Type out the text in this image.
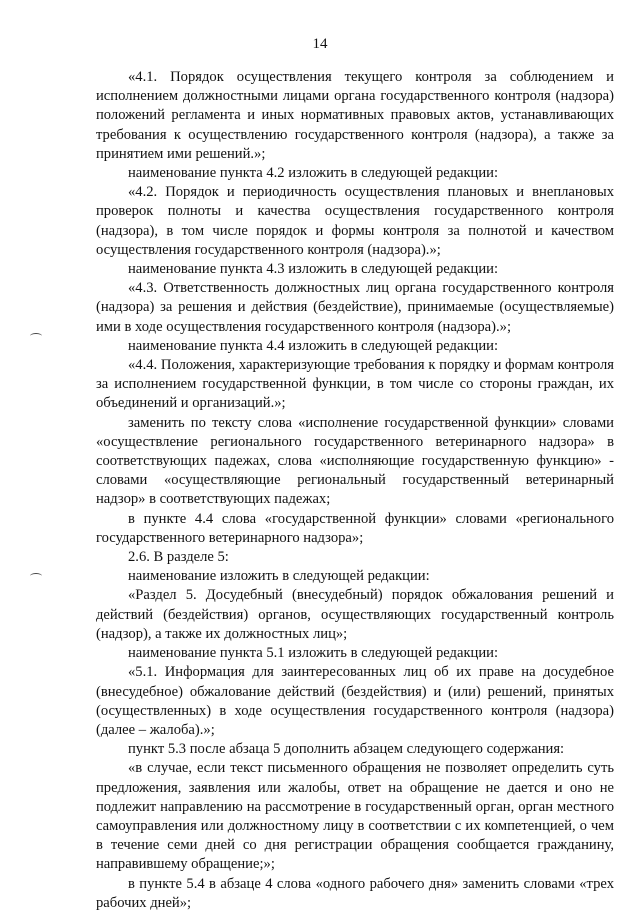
14

«4.1. Порядок осуществления текущего контроля за соблюдением и исполнением должностными лицами органа государственного контроля (надзора) положений регламента и иных нормативных правовых актов, устанавливающих требования к осуществлению государственного контроля (надзора), а также за принятием ими решений.»;

наименование пункта 4.2 изложить в следующей редакции:

«4.2. Порядок и периодичность осуществления плановых и внеплановых проверок полноты и качества осуществления государственного контроля (надзора), в том числе порядок и формы контроля за полнотой и качеством осуществления государственного контроля (надзора).»;

наименование пункта 4.3 изложить в следующей редакции:

«4.3. Ответственность должностных лиц органа государственного контроля (надзора) за решения и действия (бездействие), принимаемые (осуществляемые) ими в ходе осуществления государственного контроля (надзора).»;

наименование пункта 4.4 изложить в следующей редакции:

«4.4. Положения, характеризующие требования к порядку и формам контроля за исполнением государственной функции, в том числе со стороны граждан, их объединений и организаций.»;

заменить по тексту слова «исполнение государственной функции» словами «осуществление регионального государственного ветеринарного надзора» в соответствующих падежах, слова «исполняющие государственную функцию» - словами «осуществляющие региональный государственный ветеринарный надзор» в соответствующих падежах;

в пункте 4.4 слова «государственной функции» словами «регионального государственного ветеринарного надзора»;

2.6. В разделе 5:

наименование изложить в следующей редакции:

«Раздел 5. Досудебный (внесудебный) порядок обжалования решений и действий (бездействия) органов, осуществляющих государственный контроль (надзор), а также их должностных лиц»;

наименование пункта 5.1 изложить в следующей редакции:

«5.1. Информация для заинтересованных лиц об их праве на досудебное (внесудебное) обжалование действий (бездействия) и (или) решений, принятых (осуществленных) в ходе осуществления государственного контроля (надзора) (далее – жалоба).»;

пункт 5.3 после абзаца 5 дополнить абзацем следующего содержания:

«в случае, если текст письменного обращения не позволяет определить суть предложения, заявления или жалобы, ответ на обращение не дается и оно не подлежит направлению на рассмотрение в государственный орган, орган местного самоуправления или должностному лицу в соответствии с их компетенцией, о чем в течение семи дней со дня регистрации обращения сообщается гражданину, направившему обращение;»;

в пункте 5.4 в абзаце 4 слова «одного рабочего дня» заменить словами «трех рабочих дней»;
